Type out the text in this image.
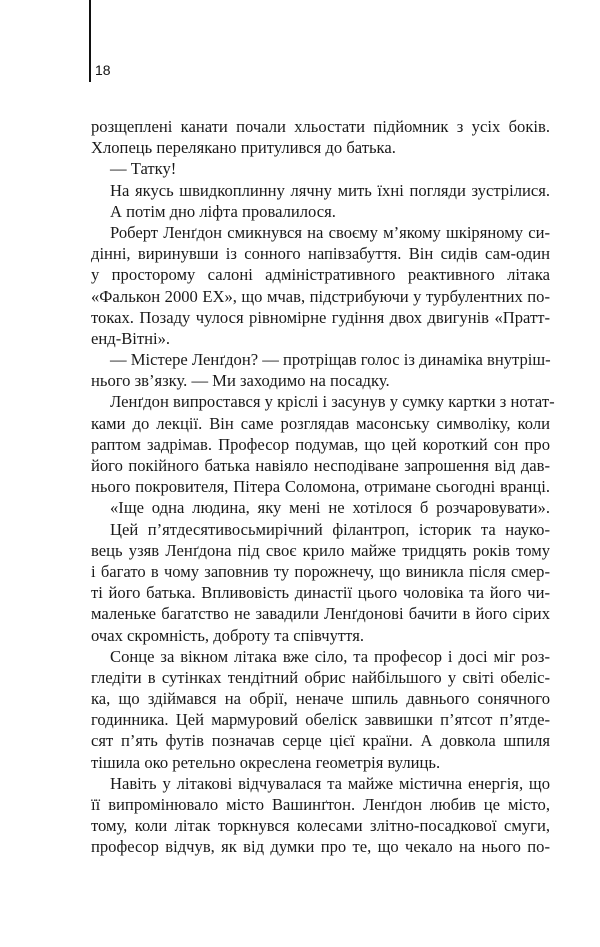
18
розщеплені канати почали хльостати підйомник з усіх боків.
Хлопець перелякано притулився до батька.
— Татку!
На якусь швидкоплинну лячну мить їхні погляди зустрілися.
А потім дно ліфта провалилося.
Роберт Ленґдон смикнувся на своєму м’якому шкіряному си-
дінні, виринувши із сонного напівзабуття. Він сидів сам-один
у просторому салоні адміністративного реактивного літака
«Фалькон 2000 EX», що мчав, підстрибуючи у турбулентних по-
токах. Позаду чулося рівномірне гудіння двох двигунів «Пратт-
енд-Вітні».
— Містере Ленґдон? — протріщав голос із динаміка внутріш-
нього зв’язку. — Ми заходимо на посадку.
Ленґдон випростався у кріслі і засунув у сумку картки з нотат-
ками до лекції. Він саме розглядав масонську символіку, коли
раптом задрімав. Професор подумав, що цей короткий сон про
його покійного батька навіяло несподіване запрошення від дав-
нього покровителя, Пітера Соломона, отримане сьогодні вранці.
«Іще одна людина, яку мені не хотілося б розчаровувати».
Цей п’ятдесятивосьмирічний філантроп, історик та науко-
вець узяв Ленґдона під своє крило майже тридцять років тому
і багато в чому заповнив ту порожнечу, що виникла після смер-
ті його батька. Впливовість династії цього чоловіка та його чи-
маленьке багатство не завадили Ленґдонові бачити в його сірих
очах скромність, доброту та співчуття.
Сонце за вікном літака вже сіло, та професор і досі міг роз-
гледіти в сутінках тендітний обрис найбільшого у світі обеліс-
ка, що здіймався на обрії, неначе шпиль давнього сонячного
годинника. Цей мармуровий обеліск заввишки п’ятсот п’ятде-
сят п’ять футів позначав серце цієї країни. А довкола шпиля
тішила око ретельно окреслена геометрія вулиць.
Навіть у літакові відчувалася та майже містична енергія, що
її випромінювало місто Вашинґтон. Ленґдон любив це місто,
тому, коли літак торкнувся колесами злітно-посадкової смуги,
професор відчув, як від думки про те, що чекало на нього по-
